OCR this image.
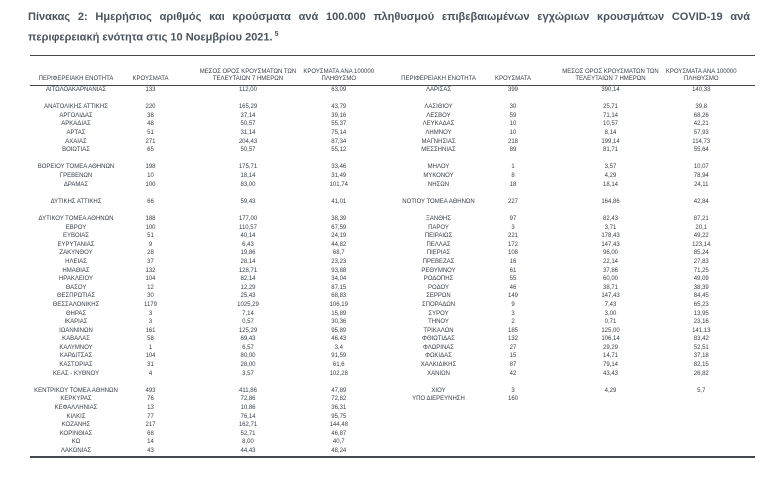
Πίνακας 2: Ημερήσιος αριθμός και κρούσματα ανά 100.000 πληθυσμού επιβεβαιωμένων εγχώριων κρουσμάτων COVID-19 ανά περιφερειακή ενότητα στις 10 Νοεμβρίου 2021. $^5$
ΠΕΡΙΦΕΡΕΙΑΚΗ ΕΝΟΤΗΤΑ	ΚΡΟΥΣΜΑΤΑ	ΜΕΣΟΣ ΟΡΟΣ ΚΡΟΥΣΜΑΤΩΝ ΤΩΝ ΤΕΛΕΥΤΑΙΩΝ 7 ΗΜΕΡΩΝ	ΚΡΟΥΣΜΑΤΑ ΑΝΑ 100000 ΠΛΗΘΥΣΜΟ	ΠΕΡΙΦΕΡΕΙΑΚΗ ΕΝΟΤΗΤΑ	ΚΡΟΥΣΜΑΤΑ	ΜΕΣΟΣ ΟΡΟΣ ΚΡΟΥΣΜΑΤΩΝ ΤΩΝ ΤΕΛΕΥΤΑΙΩΝ 7 ΗΜΕΡΩΝ	ΚΡΟΥΣΜΑΤΑ ΑΝΑ 100000 ΠΛΗΘΥΣΜΟ
ΑΙΤΩΛΟΑΚΑΡΝΑΝΙΑΣ	133	112,00	63,09	ΛΑΡΙΣΑΣ	399	390,14	140,33

ΑΝΑΤΟΛΙΚΗΣ ΑΤΤΙΚΗΣ	220	165,29	43,79	ΛΑΣΙΘΙΟΥ	30	25,71	39,8
ΑΡΓΟΛΙΔΑΣ	38	37,14	39,16	ΛΕΣΒΟΥ	59	71,14	68,26
ΑΡΚΑΔΙΑΣ	48	50,57	55,37	ΛΕΥΚΑΔΑΣ	10	10,57	42,21
ΑΡΤΑΣ	51	31,14	75,14	ΛΗΜΝΟΥ	10	8,14	57,93
ΑΧΑΪΑΣ	271	204,43	87,34	ΜΑΓΝΗΣΙΑΣ	218	199,14	114,73
ΒΟΙΩΤΙΑΣ	65	50,57	55,12	ΜΕΣΣΗΝΙΑΣ	89	81,71	55,64

ΒΟΡΕΙΟΥ ΤΟΜΕΑ ΑΘΗΝΩΝ	198	175,71	33,46	ΜΗΛΟΥ	1	3,57	10,07
ΓΡΕΒΕΝΩΝ	10	18,14	31,49	ΜΥΚΟΝΟΥ	8	4,29	78,94
ΔΡΑΜΑΣ	100	83,00	101,74	ΝΗΣΩΝ	18	18,14	24,11

ΔΥΤΙΚΗΣ ΑΤΤΙΚΗΣ	66	59,43	41,01	ΝΟΤΙΟΥ ΤΟΜΕΑ ΑΘΗΝΩΝ	227	164,86	42,84

ΔΥΤΙΚΟΥ ΤΟΜΕΑ ΑΘΗΝΩΝ	188	177,00	38,39	ΞΑΝΘΗΣ	97	82,43	87,21
ΕΒΡΟΥ	100	110,57	67,59	ΠΑΡΟΥ	3	3,71	20,1
ΕΥΒΟΙΑΣ	51	40,14	24,19	ΠΕΙΡΑΙΩΣ	221	178,43	49,22
ΕΥΡΥΤΑΝΙΑΣ	9	6,43	44,82	ΠΕΛΛΑΣ	172	147,43	123,14
ΖΑΚΥΝΘΟΥ	28	19,86	68,7	ΠΙΕΡΙΑΣ	108	96,00	85,24
ΗΛΕΙΑΣ	37	28,14	23,23	ΠΡΕΒΕΖΑΣ	16	22,14	27,83
ΗΜΑΘΙΑΣ	132	128,71	93,88	ΡΕΘΥΜΝΟΥ	61	37,86	71,25
ΗΡΑΚΛΕΙΟΥ	104	82,14	34,04	ΡΟΔΟΠΗΣ	55	60,00	49,09
ΘΑΣΟΥ	12	12,29	87,15	ΡΟΔΟΥ	46	38,71	38,39
ΘΕΣΠΡΩΤΙΑΣ	30	25,43	68,83	ΣΕΡΡΩΝ	149	147,43	84,45
ΘΕΣΣΑΛΟΝΙΚΗΣ	1179	1025,29	106,19	ΣΠΟΡΑΔΩΝ	9	7,43	65,23
ΘΗΡΑΣ	3	7,14	15,89	ΣΥΡΟΥ	3	3,00	13,95
ΙΚΑΡΙΑΣ	3	0,57	30,36	ΤΗΝΟΥ	2	0,71	23,16
ΙΩΑΝΝΙΝΩΝ	161	125,29	95,89	ΤΡΙΚΑΛΩΝ	185	125,00	141,13
ΚΑΒΑΛΑΣ	58	69,43	46,43	ΦΘΙΩΤΙΔΑΣ	132	106,14	83,42
ΚΑΛΥΜΝΟΥ	1	6,57	3,4	ΦΛΩΡΙΝΑΣ	27	29,29	52,51
ΚΑΡΔΙΤΣΑΣ	104	80,00	91,59	ΦΩΚΙΔΑΣ	15	14,71	37,18
ΚΑΣΤΟΡΙΑΣ	31	28,00	61,6	ΧΑΛΚΙΔΙΚΗΣ	87	79,14	82,15
ΚΕΑΣ - ΚΥΘΝΟΥ	4	3,57	102,28	ΧΑΝΙΩΝ	42	43,43	26,82

ΚΕΝΤΡΙΚΟΥ ΤΟΜΕΑ ΑΘΗΝΩΝ	493	411,86	47,89	ΧΙΟΥ	3	4,29	5,7
ΚΕΡΚΥΡΑΣ	76	72,86	72,82	ΥΠΟ ΔΙΕΡΕΥΝΗΣΗ	160		
ΚΕΦΑΛΛΗΝΙΑΣ	13	10,86	36,31				
ΚΙΛΚΙΣ	77	76,14	95,75				
ΚΟΖΑΝΗΣ	217	162,71	144,48				
ΚΟΡΙΝΘΙΑΣ	68	52,71	46,87				
ΚΩ	14	8,00	40,7				
ΛΑΚΩΝΙΑΣ	43	44,43	48,24				
